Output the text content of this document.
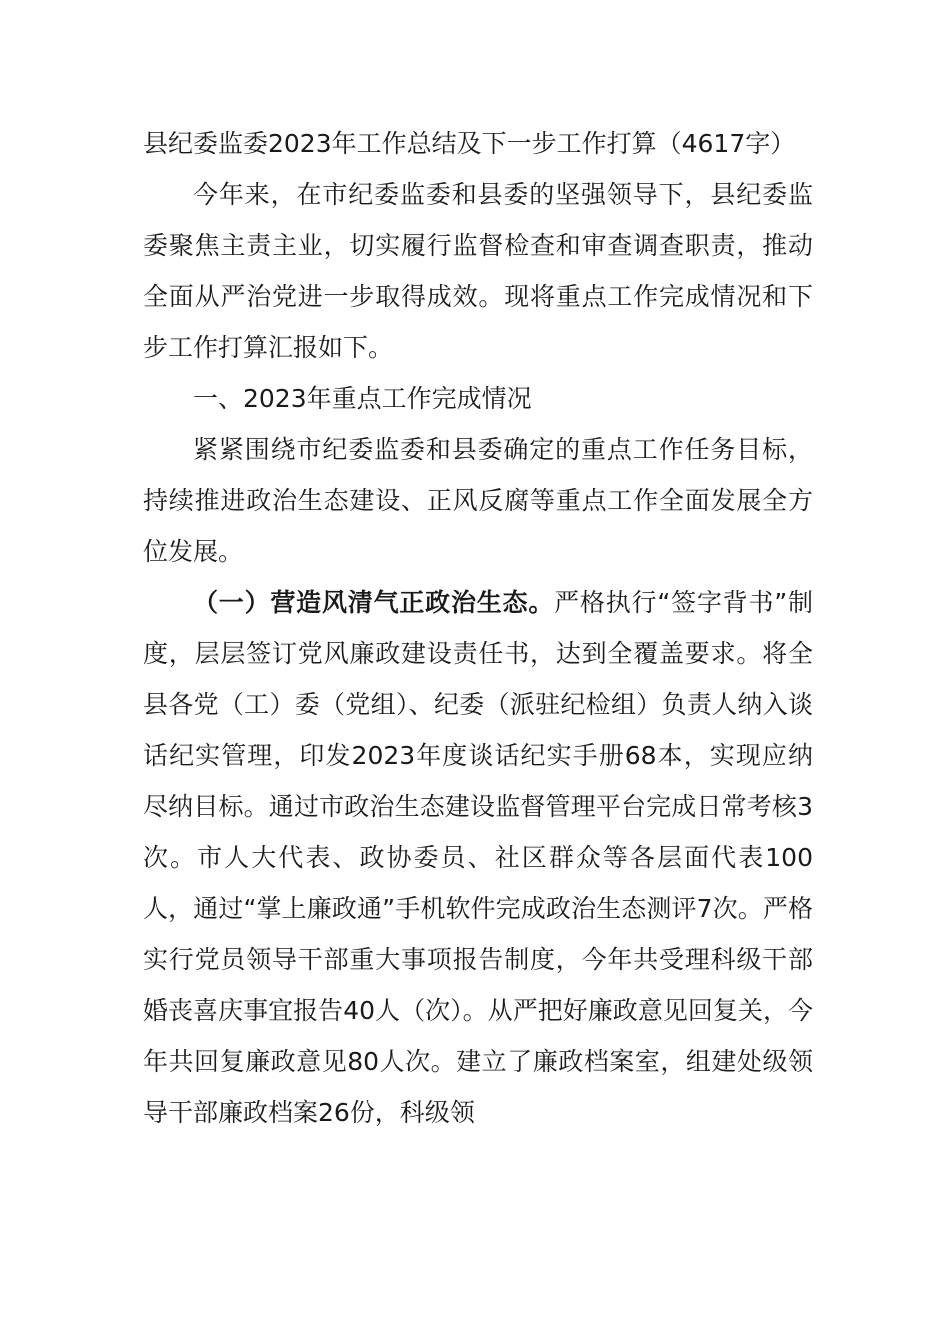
县纪委监委2023年工作总结及下一步工作打算（4617字）

今年来，在市纪委监委和县委的坚强领导下，县纪委监委聚焦主责主业，切实履行监督检查和审查调查职责，推动全面从严治党进一步取得成效。现将重点工作完成情况和下步工作打算汇报如下。

一、2023年重点工作完成情况

紧紧围绕市纪委监委和县委确定的重点工作任务目标，持续推进政治生态建设、正风反腐等重点工作全面发展全方位发展。

（一）营造风清气正政治生态。严格执行“签字背书”制度，层层签订党风廉政建设责任书，达到全覆盖要求。将全县各党（工）委（党组）、纪委（派驻纪检组）负责人纳入谈话纪实管理，印发2023年度谈话纪实手册68本，实现应纳尽纳目标。通过市政治生态建设监督管理平台完成日常考核3次。市人大代表、政协委员、社区群众等各层面代表100人，通过“掌上廉政通”手机软件完成政治生态测评7次。严格实行党员领导干部重大事项报告制度，今年共受理科级干部婚丧喜庆事宜报告40人（次）。从严把好廉政意见回复关，今年共回复廉政意见80人次。建立了廉政档案室，组建处级领导干部廉政档案26份，科级领
